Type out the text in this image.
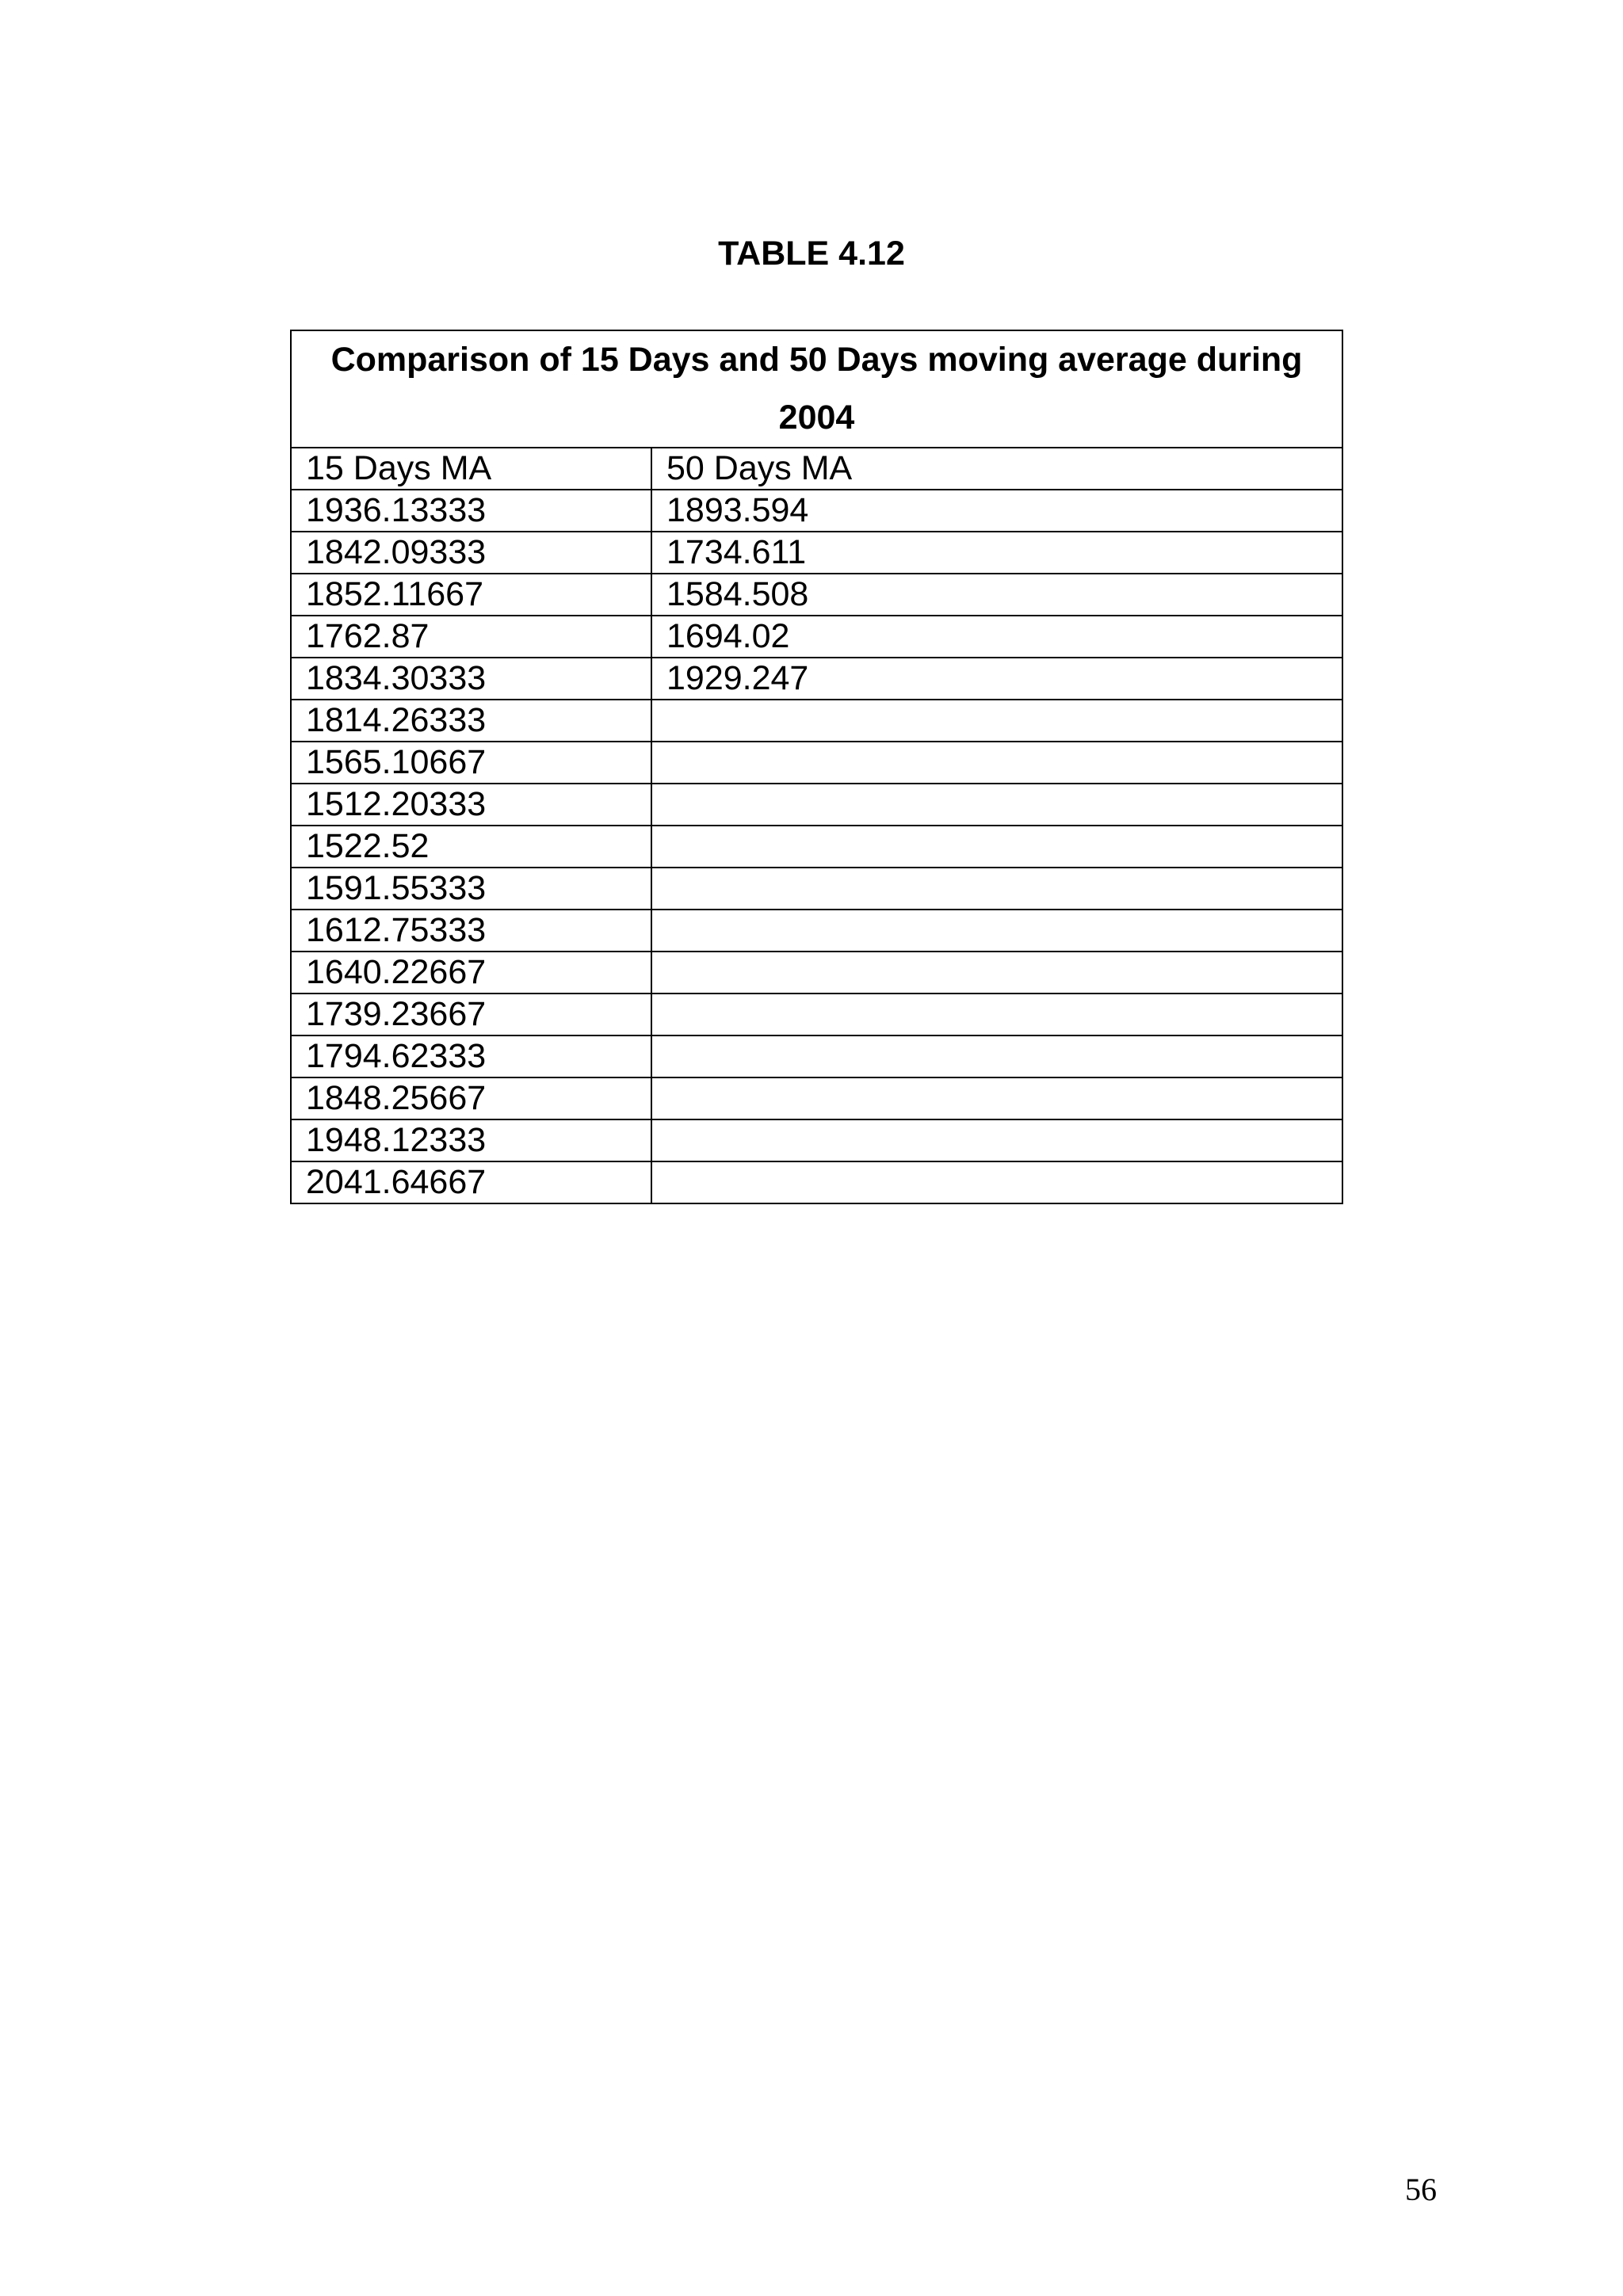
TABLE 4.12
Comparison of 15 Days and 50 Days moving average during 2004	
15 Days MA	50 Days MA
1936.13333	1893.594
1842.09333	1734.611
1852.11667	1584.508
1762.87	1694.02
1834.30333	1929.247
1814.26333	
1565.10667	
1512.20333	
1522.52	
1591.55333	
1612.75333	
1640.22667	
1739.23667	
1794.62333	
1848.25667	
1948.12333	
2041.64667	
56
